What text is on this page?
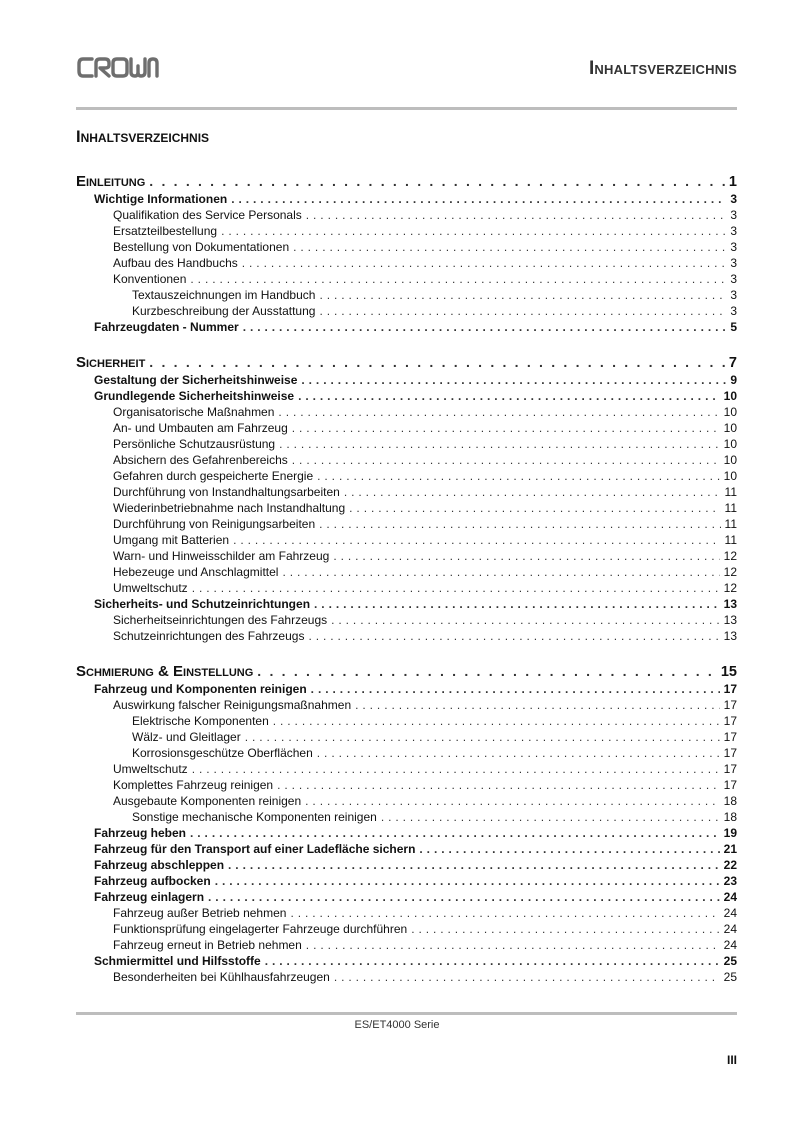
Inhaltsverzeichnis
Inhaltsverzeichnis
Einleitung . . .	1
Wichtige Informationen . . .	3
Qualifikation des Service Personals . . .	3
Ersatzteilbestellung . . .	3
Bestellung von Dokumentationen . . .	3
Aufbau des Handbuchs . . .	3
Konventionen . . .	3
Textauszeichnungen im Handbuch . . .	3
Kurzbeschreibung der Ausstattung . . .	3
Fahrzeugdaten - Nummer . . .	5
Sicherheit . . .	7
Gestaltung der Sicherheitshinweise . . .	9
Grundlegende Sicherheitshinweise . . .	10
Organisatorische Maßnahmen . . .	10
An- und Umbauten am Fahrzeug . . .	10
Persönliche Schutzausrüstung . . .	10
Absichern des Gefahrenbereichs . . .	10
Gefahren durch gespeicherte Energie . . .	10
Durchführung von Instandhaltungsarbeiten . . .	11
Wiederinbetriebnahme nach Instandhaltung . . .	11
Durchführung von Reinigungsarbeiten . . .	11
Umgang mit Batterien . . .	11
Warn- und Hinweisschilder am Fahrzeug . . .	12
Hebezeuge und Anschlagmittel . . .	12
Umweltschutz . . .	12
Sicherheits- und Schutzeinrichtungen . . .	13
Sicherheitseinrichtungen des Fahrzeugs . . .	13
Schutzeinrichtungen des Fahrzeugs . . .	13
Schmierung & Einstellung . . .	15
Fahrzeug und Komponenten reinigen . . .	17
Auswirkung falscher Reinigungsmaßnahmen . . .	17
Elektrische Komponenten . . .	17
Wälz- und Gleitlager . . .	17
Korrosionsgeschütze Oberflächen . . .	17
Umweltschutz . . .	17
Komplettes Fahrzeug reinigen . . .	17
Ausgebaute Komponenten reinigen . . .	18
Sonstige mechanische Komponenten reinigen . . .	18
Fahrzeug heben . . .	19
Fahrzeug für den Transport auf einer Ladefläche sichern . . .	21
Fahrzeug abschleppen . . .	22
Fahrzeug aufbocken . . .	23
Fahrzeug einlagern . . .	24
Fahrzeug außer Betrieb nehmen . . .	24
Funktionsprüfung eingelagerter Fahrzeuge durchführen . . .	24
Fahrzeug erneut in Betrieb nehmen . . .	24
Schmiermittel und Hilfsstoffe . . .	25
Besonderheiten bei Kühlhausfahrzeugen . . .	25
ES/ET4000 Serie
III
